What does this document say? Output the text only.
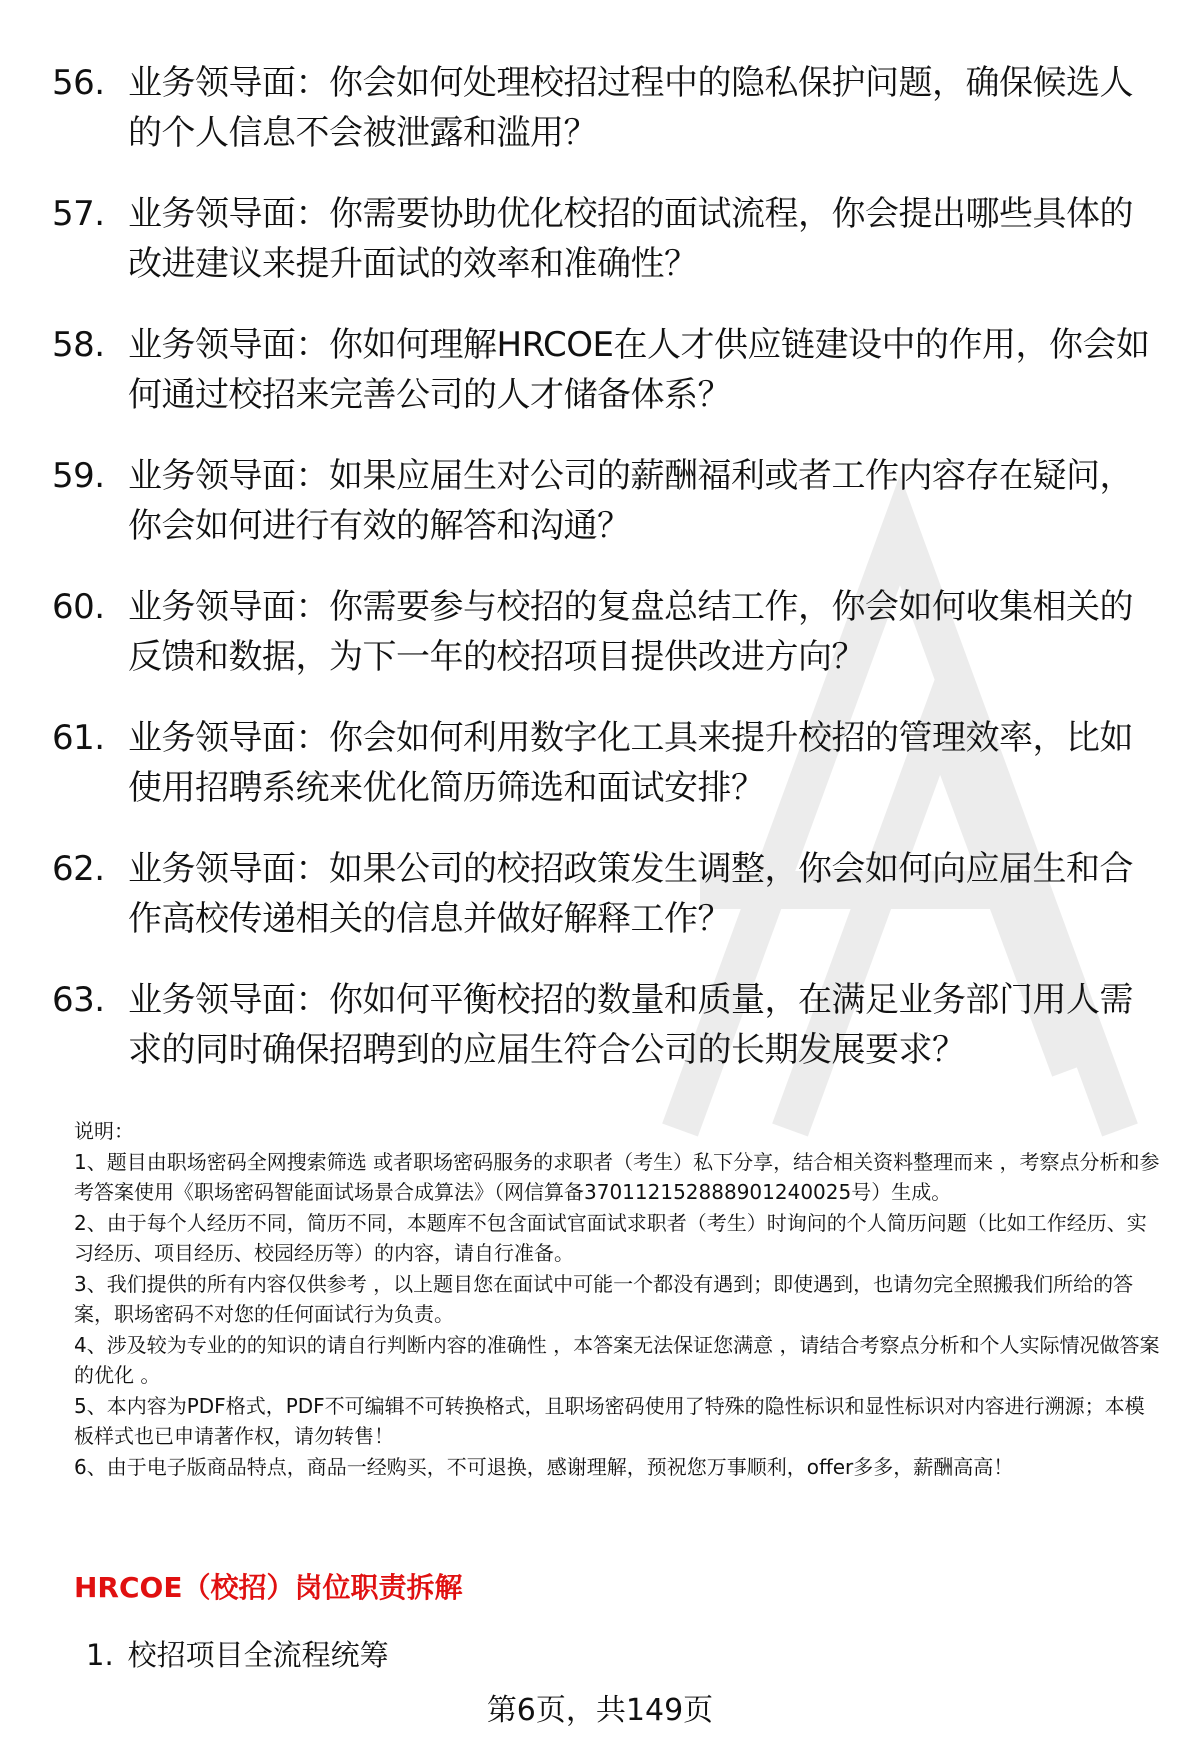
56. 业务领导面：你会如何处理校招过程中的隐私保护问题，确保候选人的个人信息不会被泄露和滥用？
57. 业务领导面：你需要协助优化校招的面试流程，你会提出哪些具体的改进建议来提升面试的效率和准确性？
58. 业务领导面：你如何理解HRCOE在人才供应链建设中的作用，你会如何通过校招来完善公司的人才储备体系？
59. 业务领导面：如果应届生对公司的薪酬福利或者工作内容存在疑问，你会如何进行有效的解答和沟通？
60. 业务领导面：你需要参与校招的复盘总结工作，你会如何收集相关的反馈和数据，为下一年的校招项目提供改进方向？
61. 业务领导面：你会如何利用数字化工具来提升校招的管理效率，比如使用招聘系统来优化简历筛选和面试安排？
62. 业务领导面：如果公司的校招政策发生调整，你会如何向应届生和合作高校传递相关的信息并做好解释工作？
63. 业务领导面：你如何平衡校招的数量和质量，在满足业务部门用人需求的同时确保招聘到的应届生符合公司的长期发展要求？

说明：

1、题目由职场密码全网搜索筛选 或者职场密码服务的求职者（考生）私下分享，结合相关资料整理而来 ，考察点分析和参考答案使用《职场密码智能面试场景合成算法》（网信算备370112152888901240025号）生成。

2、由于每个人经历不同，简历不同，本题库不包含面试官面试求职者（考生）时询问的个人简历问题（比如工作经历、实习经历、项目经历、校园经历等）的内容，请自行准备。

3、我们提供的所有内容仅供参考 ，以上题目您在面试中可能一个都没有遇到；即使遇到，也请勿完全照搬我们所给的答案，职场密码不对您的任何面试行为负责。

4、涉及较为专业的的知识的请自行判断内容的准确性 ，本答案无法保证您满意 ，请结合考察点分析和个人实际情况做答案的优化 。

5、本内容为PDF格式，PDF不可编辑不可转换格式，且职场密码使用了特殊的隐性标识和显性标识对内容进行溯源；本模板样式也已申请著作权，请勿转售！

6、由于电子版商品特点，商品一经购买，不可退换，感谢理解，预祝您万事顺利，offer多多，薪酬高高！

HRCOE（校招）岗位职责拆解
1. 校招项目全流程统筹
第6页，共149页
